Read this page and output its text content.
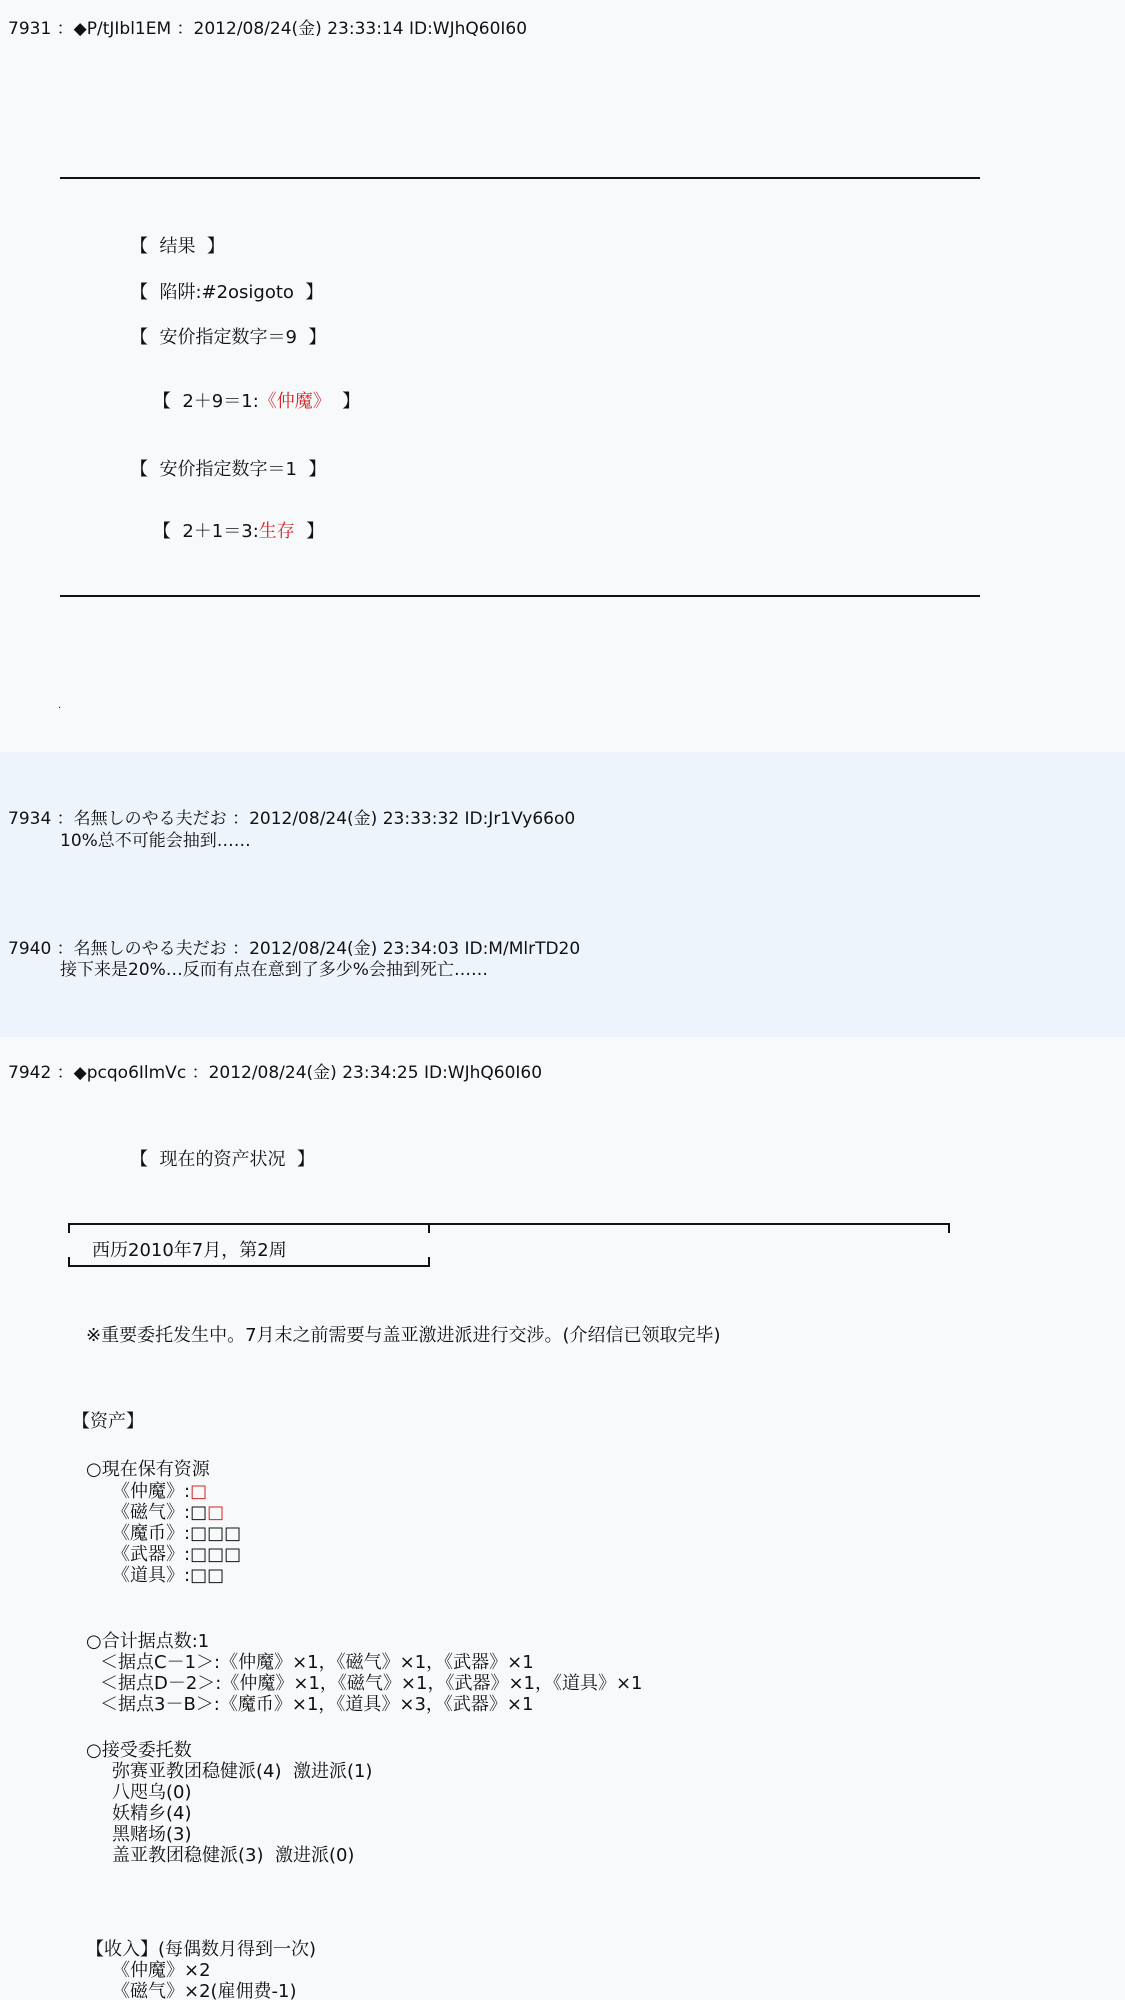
7931 ：◆P/tJIbl1EM ：2012/08/24(金) 23:33:14 ID:WJhQ60I60
【  结果  】
【  陷阱:#2osigoto  】
【  安价指定数字＝9  】

【  2＋9＝1:《仲魔》  】

【  安价指定数字＝1  】

【  2＋1＝3:生存  】

.
7934 ：名無しのやる夫だお ：2012/08/24(金) 23:33:32 ID:Jr1Vy66o0
10%总不可能会抽到……
7940 ：名無しのやる夫だお ：2012/08/24(金) 23:34:03 ID:M/MlrTD20
接下来是20%…反而有点在意到了多少%会抽到死亡……
7942 ：◆pcqo6IlmVc ：2012/08/24(金) 23:34:25 ID:WJhQ60I60
【  现在的资产状况  】
西历2010年7月，第2周
※重要委托发生中。7月末之前需要与盖亚激进派进行交涉。(介绍信已领取完毕)
【资产】
○現在保有资源
《仲魔》:□
《磁气》:□□
《魔币》:□□□
《武器》:□□□
《道具》:□□
○合计据点数:1
＜据点C－1＞:《仲魔》×1，《磁气》×1，《武器》×1
＜据点D－2＞:《仲魔》×1，《磁气》×1，《武器》×1，《道具》×1
＜据点3－B＞:《魔币》×1，《道具》×3，《武器》×1
○接受委托数
弥赛亚教团稳健派(4)  激进派(1)
八咫乌(0)
妖精乡(4)
黑赌场(3)
盖亚教团稳健派(3)  激进派(0)
【收入】(每偶数月得到一次)
《仲魔》×2
《磁气》×2(雇佣费-1)
